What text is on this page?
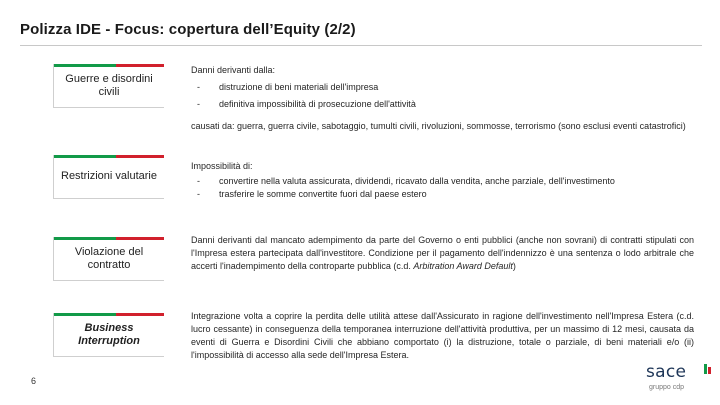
Polizza IDE - Focus: copertura dell’Equity (2/2)
Guerre e disordini civili
Danni derivanti dalla:
-	distruzione di beni materiali dell'impresa
-	definitiva impossibilità di prosecuzione dell'attività
causati da: guerra, guerra civile, sabotaggio, tumulti civili, rivoluzioni, sommosse, terrorismo (sono esclusi eventi catastrofici)
Restrizioni valutarie
Impossibilità di:
-	convertire nella valuta assicurata, dividendi, ricavato dalla vendita, anche parziale, dell'investimento
-	trasferire le somme convertite fuori dal paese estero
Violazione del contratto
Danni derivanti dal mancato adempimento da parte del Governo o enti pubblici (anche non sovrani) di contratti stipulati con l'Impresa estera partecipata dall'investitore. Condizione per il pagamento dell'indennizzo è una sentenza o lodo arbitrale che accerti l'inadempimento della controparte pubblica (c.d. Arbitration Award Default)
Business Interruption
Integrazione volta a coprire la perdita delle utilità attese dall'Assicurato in ragione dell'investimento nell'Impresa Estera (c.d. lucro cessante) in conseguenza della temporanea interruzione dell'attività produttiva, per un massimo di 12 mesi, causata da eventi di Guerra e Disordini Civili che abbiano comportato (i) la distruzione, totale o parziale, di beni materiali e/o (ii) l'impossibilità di accesso alla sede dell'Impresa Estera.
6	sace
gruppo cdp
